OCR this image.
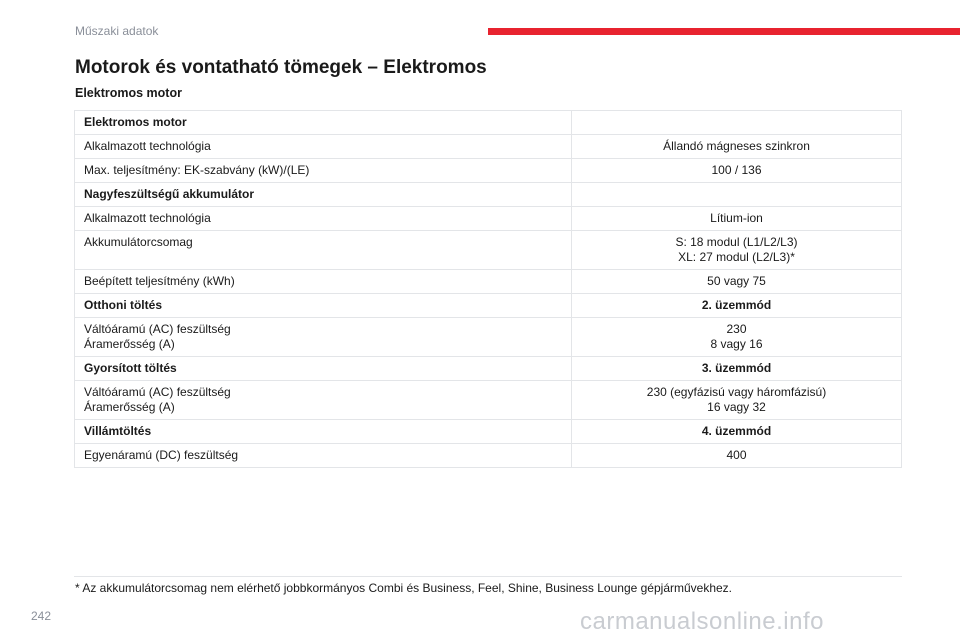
Műszaki adatok
Motorok és vontatható tömegek – Elektromos
Elektromos motor
Elektromos motor	

Alkalmazott technológia	Állandó mágneses szinkron

Max. teljesítmény: EK-szabvány (kW)/(LE)	100 / 136

Nagyfeszültségű akkumulátor	

Alkalmazott technológia	Lítium-ion

Akkumulátorcsomag	S: 18 modul (L1/L2/L3)
XL: 27 modul (L2/L3)*

Beépített teljesítmény (kWh)	50 vagy 75

Otthoni töltés	2. üzemmód

Váltóáramú (AC) feszültség
Áramerősség (A)	230
8 vagy 16

Gyorsított töltés	3. üzemmód

Váltóáramú (AC) feszültség
Áramerősség (A)	230 (egyfázisú vagy háromfázisú)
16 vagy 32

Villámtöltés	4. üzemmód

Egyenáramú (DC) feszültség	400
* Az akkumulátorcsomag nem elérhető jobbkormányos Combi és Business, Feel, Shine, Business Lounge gépjárművekhez.
242	carmanualsonline.info
